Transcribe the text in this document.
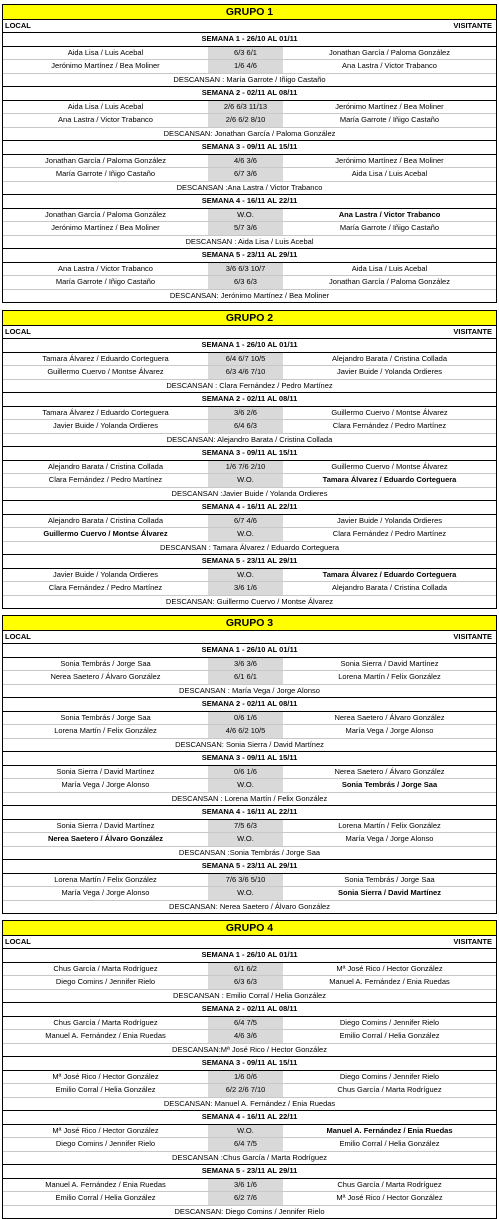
GRUPO 1
LOCAL	VISITANTE
SEMANA 1 - 26/10 AL 01/11
Aida Lisa / Luis Acebal	6/3 6/1	Jonathan García / Paloma González
Jerónimo Martínez / Bea Moliner	1/6 4/6	Ana Lastra / Victor Trabanco
DESCANSAN : María Garrote / Iñigo Castaño
SEMANA 2 - 02/11 AL 08/11
Aida Lisa / Luis Acebal	2/6 6/3 11/13	Jerónimo Martínez / Bea Moliner
Ana Lastra / Victor Trabanco	2/6 6/2 8/10	María Garrote / Iñigo Castaño
DESCANSAN: Jonathan García / Paloma González
SEMANA 3 - 09/11 AL 15/11
Jonathan García / Paloma González	4/6 3/6	Jerónimo Martínez / Bea Moliner
María Garrote / Iñigo Castaño	6/7 3/6	Aida Lisa / Luis Acebal
DESCANSAN :Ana Lastra / Victor Trabanco
SEMANA 4 - 16/11 AL 22/11
Jonathan García / Paloma González	W.O.	Ana Lastra / Victor Trabanco
Jerónimo Martínez / Bea Moliner	5/7 3/6	María Garrote / Iñigo Castaño
DESCANSAN : Aida Lisa / Luis Acebal
SEMANA 5 - 23/11 AL 29/11
Ana Lastra / Victor Trabanco	3/6 6/3 10/7	Aida Lisa / Luis Acebal
María Garrote / Iñigo Castaño	6/3 6/3	Jonathan García / Paloma González
DESCANSAN: Jerónimo Martínez / Bea Moliner
GRUPO 2
LOCAL	VISITANTE
SEMANA 1 - 26/10 AL 01/11
Tamara Álvarez / Eduardo Corteguera	6/4 6/7 10/5	Alejandro Barata / Cristina Collada
Guillermo Cuervo / Montse Álvarez	6/3 4/6 7/10	Javier Buide / Yolanda Ordieres
DESCANSAN : Clara Fernández / Pedro Martínez
SEMANA 2 - 02/11 AL 08/11
Tamara Álvarez / Eduardo Corteguera	3/6 2/6	Guillermo Cuervo / Montse Álvarez
Javier Buide / Yolanda Ordieres	6/4 6/3	Clara Fernández / Pedro Martínez
DESCANSAN: Alejandro Barata / Cristina Collada
SEMANA 3 - 09/11 AL 15/11
Alejandro Barata / Cristina Collada	1/6 7/6 2/10	Guillermo Cuervo / Montse Álvarez
Clara Fernández / Pedro Martínez	W.O.	Tamara Álvarez / Eduardo Corteguera
DESCANSAN :Javier Buide / Yolanda Ordieres
SEMANA 4 - 16/11 AL 22/11
Alejandro Barata / Cristina Collada	6/7 4/6	Javier Buide / Yolanda Ordieres
Guillermo Cuervo / Montse Álvarez	W.O.	Clara Fernández / Pedro Martínez
DESCANSAN : Tamara Álvarez / Eduardo Corteguera
SEMANA 5 - 23/11 AL 29/11
Javier Buide / Yolanda Ordieres	W.O.	Tamara Álvarez / Eduardo Corteguera
Clara Fernández / Pedro Martínez	3/6 1/6	Alejandro Barata / Cristina Collada
DESCANSAN: Guillermo Cuervo / Montse Álvarez
GRUPO 3
LOCAL	VISITANTE
SEMANA 1 - 26/10 AL 01/11
Sonia Tembrás / Jorge Saa	3/6 3/6	Sonia Sierra / David Martínez
Nerea Saetero / Álvaro González	6/1 6/1	Lorena Martín / Felix González
DESCANSAN : María Vega / Jorge Alonso
SEMANA 2 - 02/11 AL 08/11
Sonia Tembrás / Jorge Saa	0/6 1/6	Nerea Saetero / Álvaro González
Lorena Martín / Felix González	4/6 6/2 10/5	María Vega / Jorge Alonso
DESCANSAN: Sonia Sierra / David Martínez
SEMANA 3 - 09/11 AL 15/11
Sonia Sierra / David Martínez	0/6 1/6	Nerea Saetero / Álvaro González
María Vega / Jorge Alonso	W.O.	Sonia Tembrás / Jorge Saa
DESCANSAN : Lorena Martín / Felix González
SEMANA 4 - 16/11 AL 22/11
Sonia Sierra / David Martínez	7/5 6/3	Lorena Martín / Felix González
Nerea Saetero / Álvaro González	W.O.	María Vega / Jorge Alonso
DESCANSAN :Sonia Tembrás / Jorge Saa
SEMANA 5 - 23/11 AL 29/11
Lorena Martín / Felix González	7/6 3/6 5/10	Sonia Tembrás / Jorge Saa
María Vega / Jorge Alonso	W.O.	Sonia Sierra / David Martínez
DESCANSAN: Nerea Saetero / Álvaro González
GRUPO 4
LOCAL	VISITANTE
SEMANA 1 - 26/10 AL 01/11
Chus García / Marta Rodríguez	6/1 6/2	Mª José Rico / Hector González
Diego Comins / Jennifer Rielo	6/3 6/3	Manuel A. Fernández / Enia Ruedas
DESCANSAN : Emilio Corral / Helia González
SEMANA 2 - 02/11 AL 08/11
Chus García / Marta Rodríguez	6/4 7/5	Diego Comins / Jennifer Rielo
Manuel A. Fernández / Enia Ruedas	4/6 3/6	Emilio Corral / Helia González
DESCANSAN:Mª José Rico / Hector González
SEMANA 3 - 09/11 AL 15/11
Mª José Rico / Hector González	1/6 0/6	Diego Comins / Jennifer Rielo
Emilio Corral / Helia González	6/2 2/6 7/10	Chus García / Marta Rodríguez
DESCANSAN: Manuel A. Fernández / Enia Ruedas
SEMANA 4 - 16/11 AL 22/11
Mª José Rico / Hector González	W.O.	Manuel A. Fernández / Enia Ruedas
Diego Comins / Jennifer Rielo	6/4 7/5	Emilio Corral / Helia González
DESCANSAN :Chus García / Marta Rodríguez
SEMANA 5 - 23/11 AL 29/11
Manuel A. Fernández / Enia Ruedas	3/6 1/6	Chus García / Marta Rodríguez
Emilio Corral / Helia González	6/2 7/6	Mª José Rico / Hector González
DESCANSAN: Diego Comins / Jennifer Rielo
